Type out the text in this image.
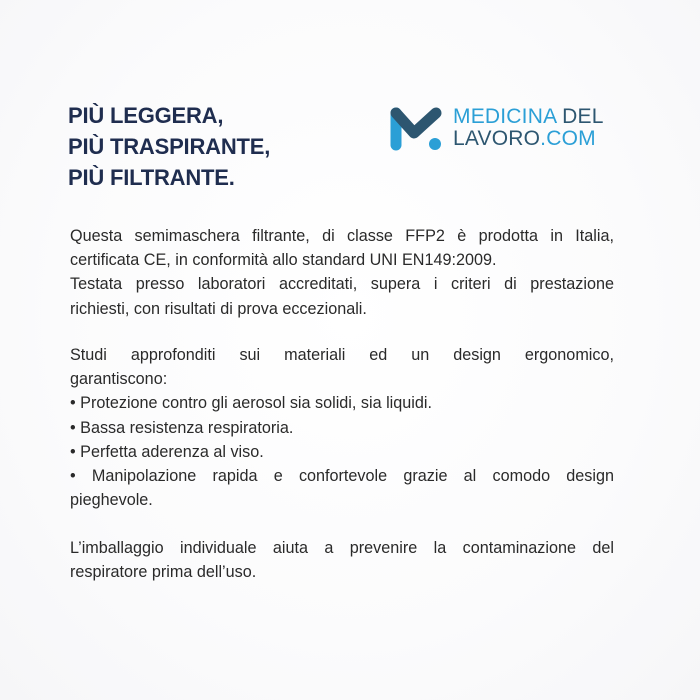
PIÙ LEGGERA,
PIÙ TRASPIRANTE,
PIÙ FILTRANTE.
MEDICINA DEL
LAVORO.COM

Questa semimaschera filtrante, di classe FFP2 è prodotta in Italia,

certificata CE, in conformità allo standard UNI EN149:2009.

Testata presso laboratori accreditati, supera i criteri di prestazione

richiesti, con risultati di prova eccezionali.

Studi approfonditi sui materiali ed un design ergonomico,

garantiscono:

• Protezione contro gli aerosol sia solidi, sia liquidi.

• Bassa resistenza respiratoria.

• Perfetta aderenza al viso.

• Manipolazione rapida e confortevole grazie al comodo design

pieghevole.

L’imballaggio individuale aiuta a prevenire la contaminazione del

respiratore prima dell’uso.
